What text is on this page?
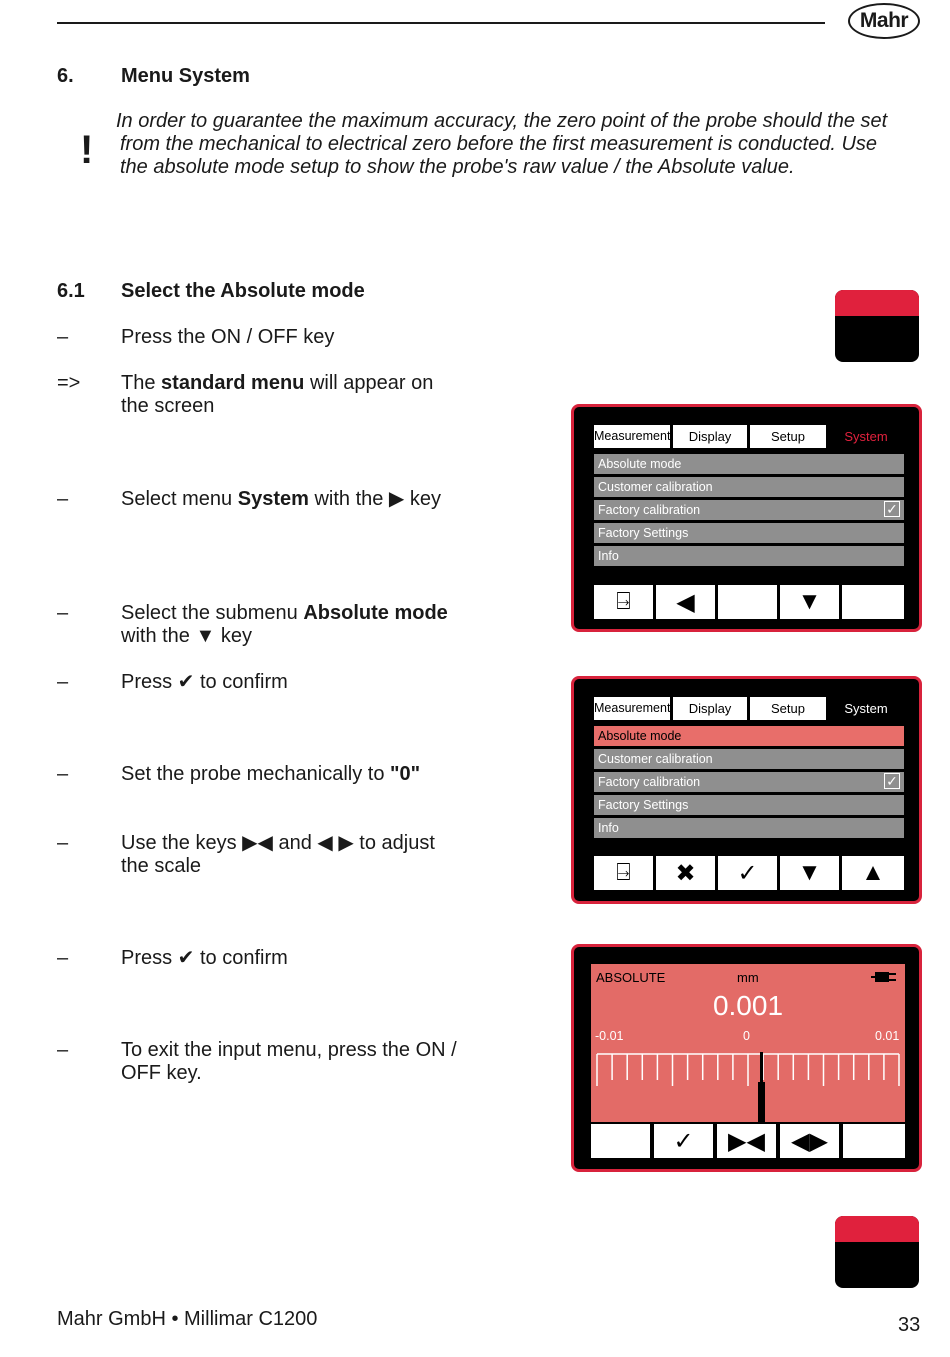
Mahr
6. Menu System
!
In order to guarantee the maximum accuracy, the zero point of the probe should the set
from the mechanical to electrical zero before the first measurement is conducted. Use
the absolute mode setup to show the probe's raw value / the Absolute value.
6.1 Select the Absolute mode
–	Press the ON / OFF key
=> The standard menu will appear on
the screen
–	Select menu System with the ▶ key
–	Select the submenu Absolute mode
with the ▼ key
–	Press ✔ to confirm
–	Set the probe mechanically to "0"
–	Use the keys ▶◀ and ◀ ▶ to adjust
the scale
–	Press ✔ to confirm
–	To exit the input menu, press the ON /
OFF key.
Measurement	Display	Setup	System
Absolute mode
Customer calibration
Factory calibration	✓
Factory Settings
Info
⍈	◀	▼
Measurement	Display	Setup	System
Absolute mode
Customer calibration
Factory calibration	✓
Factory Settings
Info
⍈	✖	✓	▼	▲
ABSOLUTE	mm
0.001
-0.01	0	0.01
✓	▶◀	◀▶
Mahr GmbH • Millimar C1200	33
